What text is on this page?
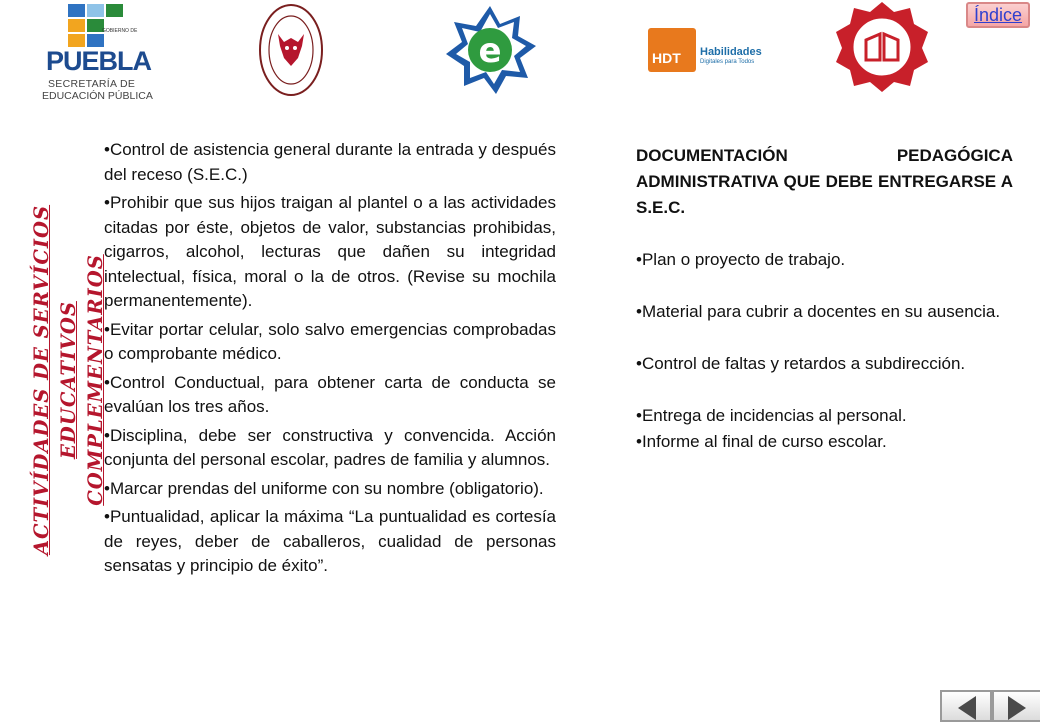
GOBIERNO DE
PUEBLA
SECRETARÍA DE
EDUCACIÓN PÚBLICA
e	HDT Habilidades
Digitales para Todos
Índice
ACTIVÍDADES DE SERVÍCIOS EDUCATIVOS COMPLEMENTARIOS
•Control de asistencia general durante la entrada y después del receso (S.E.C.)
•Prohibir que sus hijos traigan al plantel o a las actividades citadas por éste, objetos de valor, substancias prohibidas, cigarros, alcohol, lecturas que dañen su integridad intelectual, física, moral o la de otros. (Revise su mochila permanentemente).
•Evitar portar celular, solo salvo emergencias comprobadas o comprobante médico.
•Control Conductual, para obtener carta de conducta se evalúan los tres años.
•Disciplina, debe ser constructiva y convencida. Acción conjunta del personal escolar, padres de familia y alumnos.
•Marcar prendas del uniforme con su nombre (obligatorio).
•Puntualidad, aplicar la máxima “La puntualidad es cortesía de reyes, deber de caballeros, cualidad de personas sensatas y principio de éxito”.
DOCUMENTACIÓN PEDAGÓGICA ADMINISTRATIVA QUE DEBE ENTREGARSE A S.E.C.
•Plan o proyecto de trabajo.
•Material para cubrir a docentes en su ausencia.
•Control de faltas y retardos a subdirección.
•Entrega de incidencias al personal.
•Informe al final de curso escolar.
